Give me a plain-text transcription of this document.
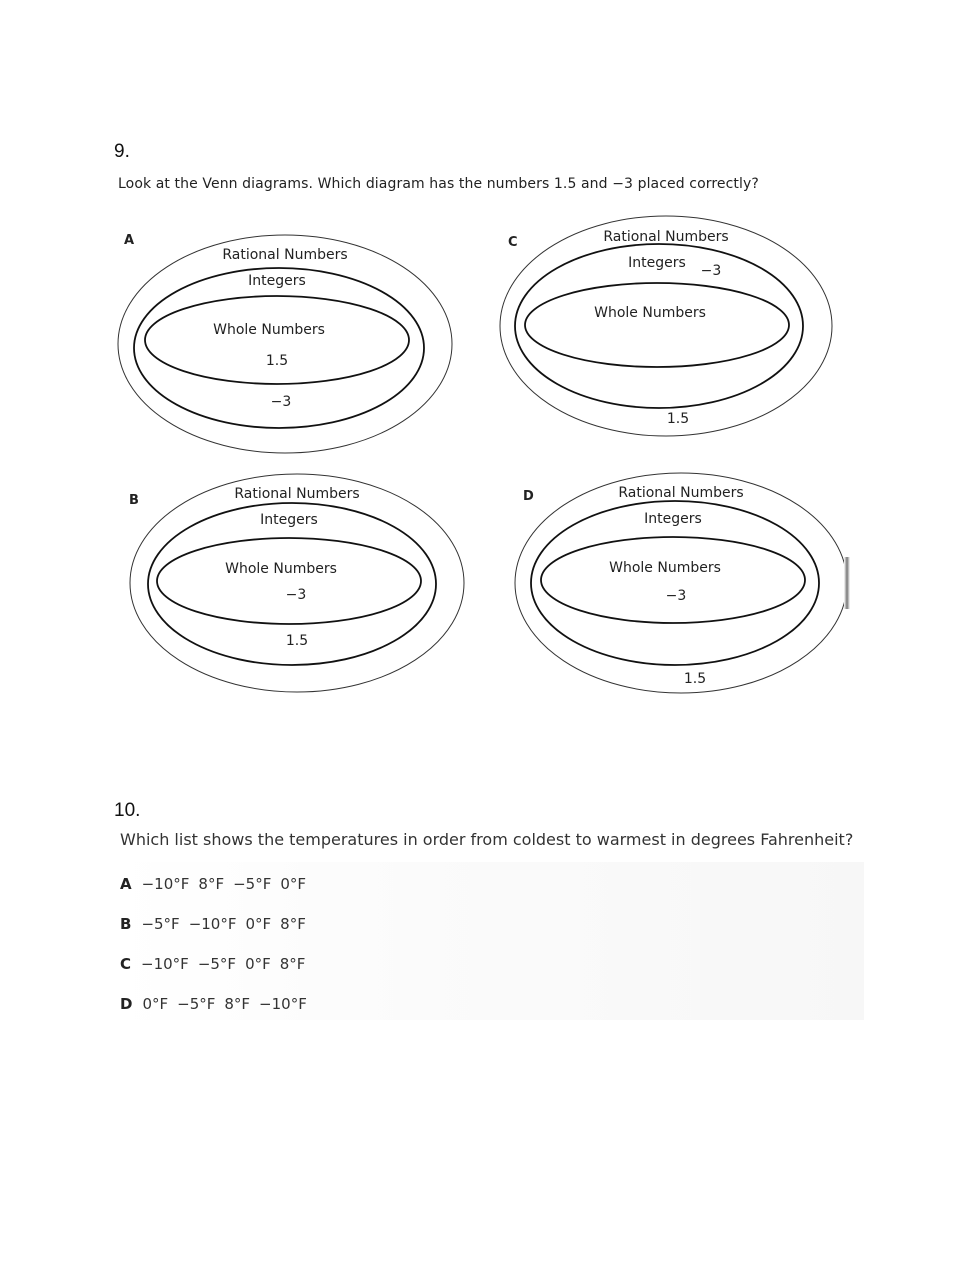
9.
Look at the Venn diagrams. Which diagram has the numbers 1.5 and −3 placed correctly?
A
Rational Numbers
Integers
Whole Numbers
1.5
−3
C	Rational Numbers
Integers −3
Whole Numbers
1.5
B	Rational Numbers
Integers
Whole Numbers
−3
1.5
D	Rational Numbers
Integers
Whole Numbers
−3
1.5
10.
Which list shows the temperatures in order from coldest to warmest in degrees Fahrenheit?
A −10°F 8°F −5°F 0°F
B −5°F −10°F 0°F 8°F
C −10°F −5°F 0°F 8°F
D 0°F −5°F 8°F −10°F
